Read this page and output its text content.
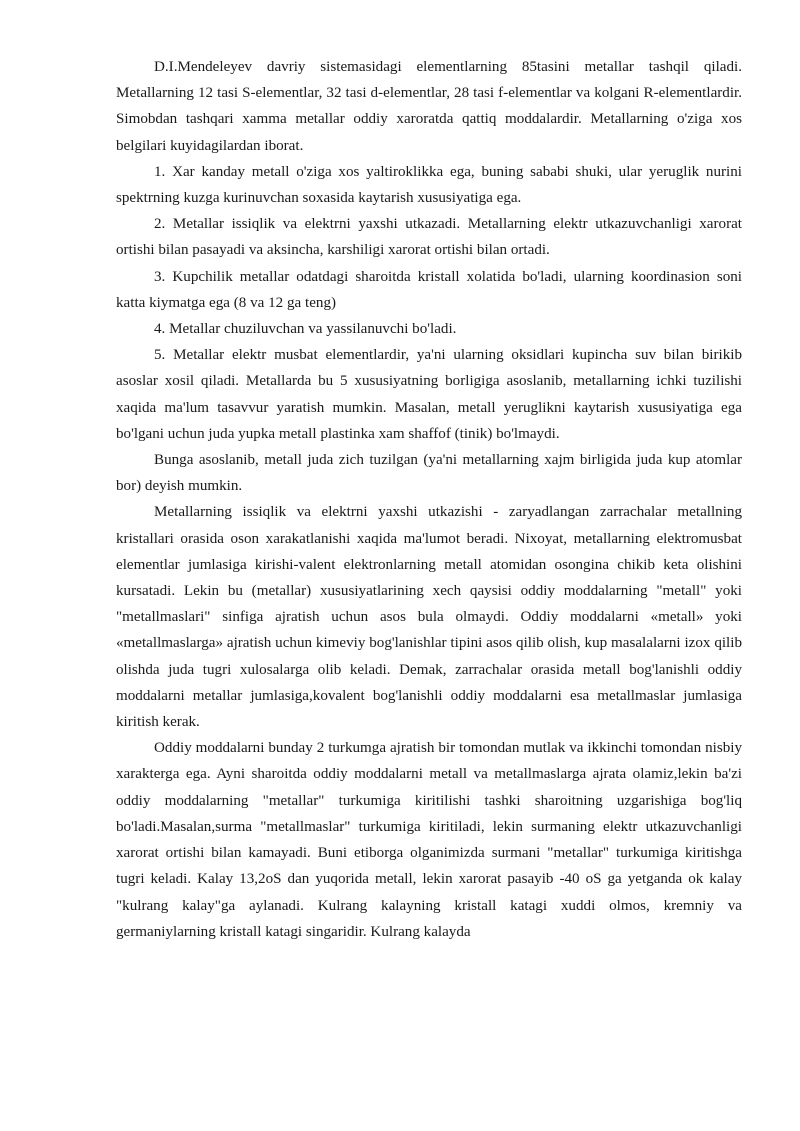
D.I.Mendeleyev davriy sistemasidagi elementlarning 85tasini metallar tashqil qiladi. Metallarning 12 tasi S-elementlar, 32 tasi d-elementlar, 28 tasi f-elementlar va kolgani R-elementlardir. Simobdan tashqari xamma metallar oddiy xaroratda qattiq moddalardir. Metallarning o'ziga xos belgilari kuyidagilardan iborat.

1. Xar kanday metall o'ziga xos yaltiroklikka ega, buning sababi shuki, ular yeruglik nurini spektrning kuzga kurinuvchan soxasida kaytarish xususiyatiga ega.

2. Metallar issiqlik va elektrni yaxshi utkazadi. Metallarning elektr utkazuvchanligi xarorat ortishi bilan pasayadi va aksincha, karshiligi xarorat ortishi bilan ortadi.

3. Kupchilik metallar odatdagi sharoitda kristall xolatida bo'ladi, ularning koordinasion soni katta kiymatga ega (8 va 12 ga teng)

4. Metallar chuziluvchan va yassilanuvchi bo'ladi.

5. Metallar elektr musbat elementlardir, ya'ni ularning oksidlari kupincha suv bilan birikib asoslar xosil qiladi. Metallarda bu 5 xususiyatning borligiga asoslanib, metallarning ichki tuzilishi xaqida ma'lum tasavvur yaratish mumkin. Masalan, metall yeruglikni kaytarish xususiyatiga ega bo'lgani uchun juda yupka metall plastinka xam shaffof (tinik) bo'lmaydi.

Bunga asoslanib, metall juda zich tuzilgan (ya'ni metallarning xajm birligida juda kup atomlar bor) deyish mumkin.

Metallarning issiqlik va elektrni yaxshi utkazishi - zaryadlangan zarrachalar metallning kristallari orasida oson xarakatlanishi xaqida ma'lumot beradi. Nixoyat, metallarning elektromusbat elementlar jumlasiga kirishi-valent elektronlarning metall atomidan osongina chikib keta olishini kursatadi. Lekin bu (metallar) xususiyatlarining xech qaysisi oddiy moddalarning "metall" yoki "metallmaslari" sinfiga ajratish uchun asos bula olmaydi. Oddiy moddalarni «metall» yoki «metallmaslarga» ajratish uchun kimeviy bog'lanishlar tipini asos qilib olish, kup masalalarni izox qilib olishda juda tugri xulosalarga olib keladi. Demak, zarrachalar orasida metall bog'lanishli oddiy moddalarni metallar jumlasiga,kovalent bog'lanishli oddiy moddalarni esa metallmaslar jumlasiga kiritish kerak.

Oddiy moddalarni bunday 2 turkumga ajratish bir tomondan mutlak va ikkinchi tomondan nisbiy xarakterga ega. Ayni sharoitda oddiy moddalarni metall va metallmaslarga ajrata olamiz,lekin ba'zi oddiy moddalarning "metallar" turkumiga kiritilishi tashki sharoitning uzgarishiga bog'liq bo'ladi.Masalan,surma "metallmaslar" turkumiga kiritiladi, lekin surmaning elektr utkazuvchanligi xarorat ortishi bilan kamayadi. Buni etiborga olganimizda surmani "metallar" turkumiga kiritishga tugri keladi. Kalay 13,2oS dan yuqorida metall, lekin xarorat pasayib -40 oS ga yetganda ok kalay "kulrang kalay"ga aylanadi. Kulrang kalayning kristall katagi xuddi olmos, kremniy va germaniylarning kristall katagi singaridir. Kulrang kalayda
